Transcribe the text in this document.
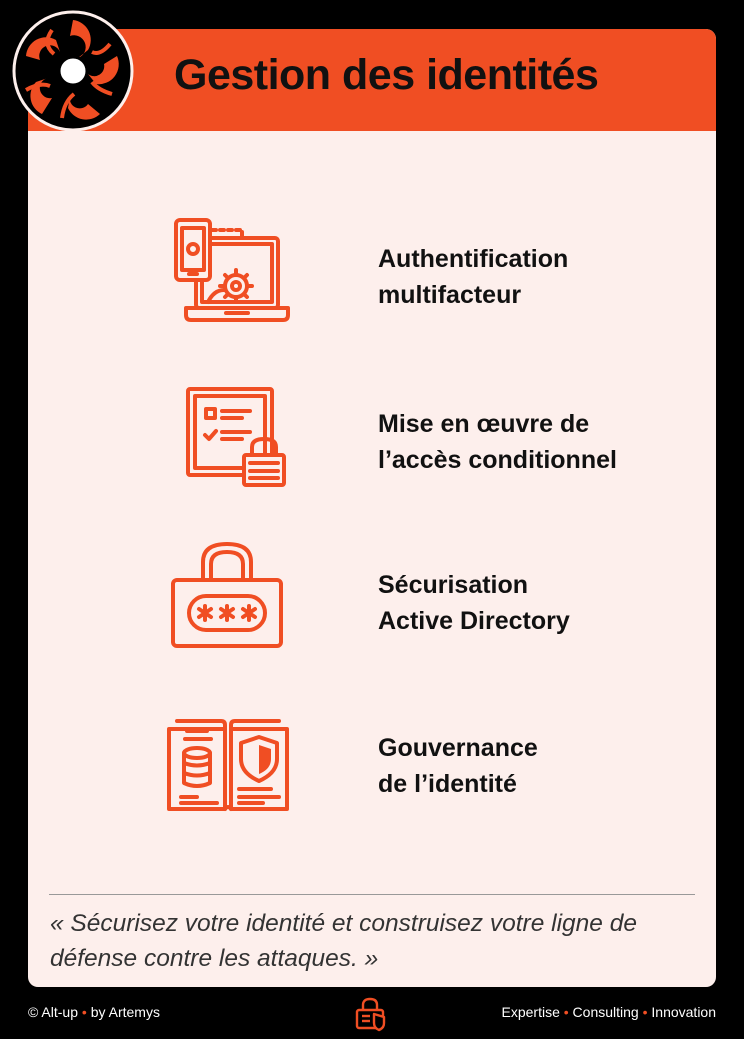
Gestion des identités
Authentification
multifacteur
Mise en œuvre de
l’accès conditionnel
Sécurisation
Active Directory
Gouvernance
de l’identité
« Sécurisez votre identité et construisez votre ligne de défense contre les attaques. »
© Alt-up • by Artemys	Expertise • Consulting • Innovation
